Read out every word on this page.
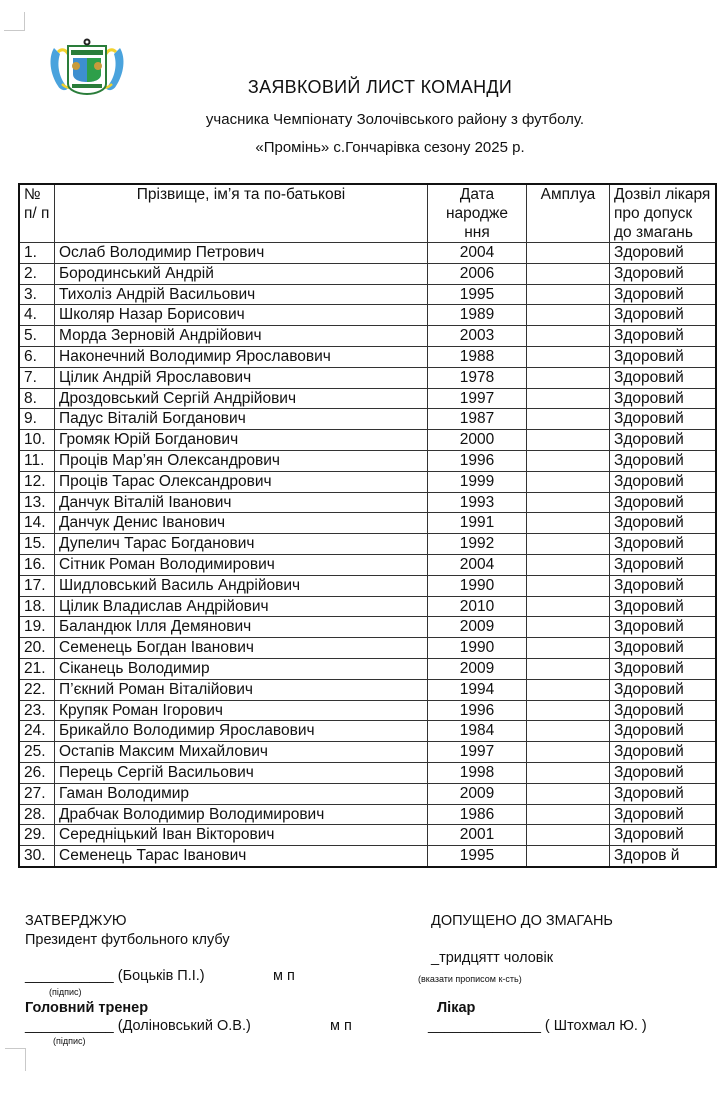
ЗАЯВКОВИЙ ЛИСТ КОМАНДИ
учасника Чемпіонату Золочівського району з футболу.
«Промінь» с.Гончарівка сезону 2025 р.
№ п/ п	Прізвище, ім’я та по-батькові	Дата народже ння	Амплуа	Дозвіл лікаря про допуск до змагань
1.	Ослаб Володимир Петрович	2004		Здоровий
2.	Бородинський Андрій	2006		Здоровий
3.	Тихоліз Андрій Васильович	1995		Здоровий
4.	Школяр Назар Борисович	1989		Здоровий
5.	Морда Зерновій Андрійович	2003		Здоровий
6.	Наконечний Володимир Ярославович	1988		Здоровий
7.	Цілик Андрій Ярославович	1978		Здоровий
8.	Дроздовський Сергій Андрійович	1997		Здоровий
9.	Падус Віталій Богданович	1987		Здоровий
10.	Громяк Юрій Богданович	2000		Здоровий
11.	Проців Мар’ян Олександрович	1996		Здоровий
12.	Проців Тарас Олександрович	1999		Здоровий
13.	Данчук Віталій Іванович	1993		Здоровий
14.	Данчук Денис Іванович	1991		Здоровий
15.	Дупелич Тарас Богданович	1992		Здоровий
16.	Сітник Роман Володимирович	2004		Здоровий
17.	Шидловський Василь Андрійович	1990		Здоровий
18.	Цілик Владислав Андрійович	2010		Здоровий
19.	Баландюк Ілля Демянович	2009		Здоровий
20.	Семенець Богдан Іванович	1990		Здоровий
21.	Сіканець Володимир	2009		Здоровий
22.	П’єкний Роман Віталійович	1994		Здоровий
23.	Крупяк Роман Ігорович	1996		Здоровий
24.	Брикайло Володимир Ярославович	1984		Здоровий
25.	Остапів Максим Михайлович	1997		Здоровий
26.	Перець Сергій Васильович	1998		Здоровий
27.	Гаман Володимир	2009		Здоровий
28.	Драбчак Володимир Володимирович	1986		Здоровий
29.	Середніцький Іван Вікторович	2001		Здоровий
30.	Семенець Тарас Іванович	1995		Здоров й
ЗАТВЕРДЖУЮ
Президент футбольного клубу
___________ (Боцьків П.І.)	м п
(підпис)
Головний тренер
___________ (Доліновський О.В.)	м п
(підпис)
ДОПУЩЕНО ДО ЗМАГАНЬ
_тридцятт чоловік
(вказати прописом к-сть)
Лікар
______________ ( Штохмал Ю. )
